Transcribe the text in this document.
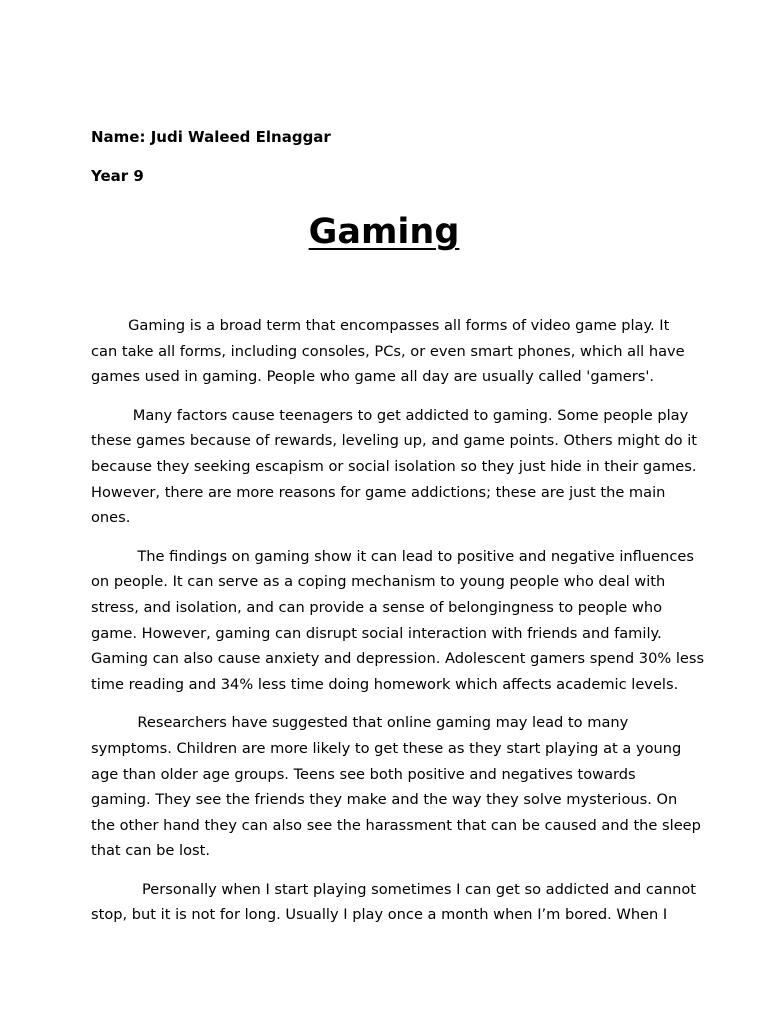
Name: Judi Waleed Elnaggar
Year 9
Gaming

Gaming is a broad term that encompasses all forms of video game play. It
can take all forms, including consoles, PCs, or even smart phones, which all have
games used in gaming. People who game all day are usually called 'gamers'.

Many factors cause teenagers to get addicted to gaming. Some people play
these games because of rewards, leveling up, and game points. Others might do it
because they seeking escapism or social isolation so they just hide in their games.
However, there are more reasons for game addictions; these are just the main
ones.

The findings on gaming show it can lead to positive and negative influences
on people. It can serve as a coping mechanism to young people who deal with
stress, and isolation, and can provide a sense of belongingness to people who
game. However, gaming can disrupt social interaction with friends and family.
Gaming can also cause anxiety and depression. Adolescent gamers spend 30% less
time reading and 34% less time doing homework which affects academic levels.

Researchers have suggested that online gaming may lead to many
symptoms. Children are more likely to get these as they start playing at a young
age than older age groups. Teens see both positive and negatives towards
gaming. They see the friends they make and the way they solve mysterious. On
the other hand they can also see the harassment that can be caused and the sleep
that can be lost.

Personally when I start playing sometimes I can get so addicted and cannot
stop, but it is not for long. Usually I play once a month when I’m bored. When I
